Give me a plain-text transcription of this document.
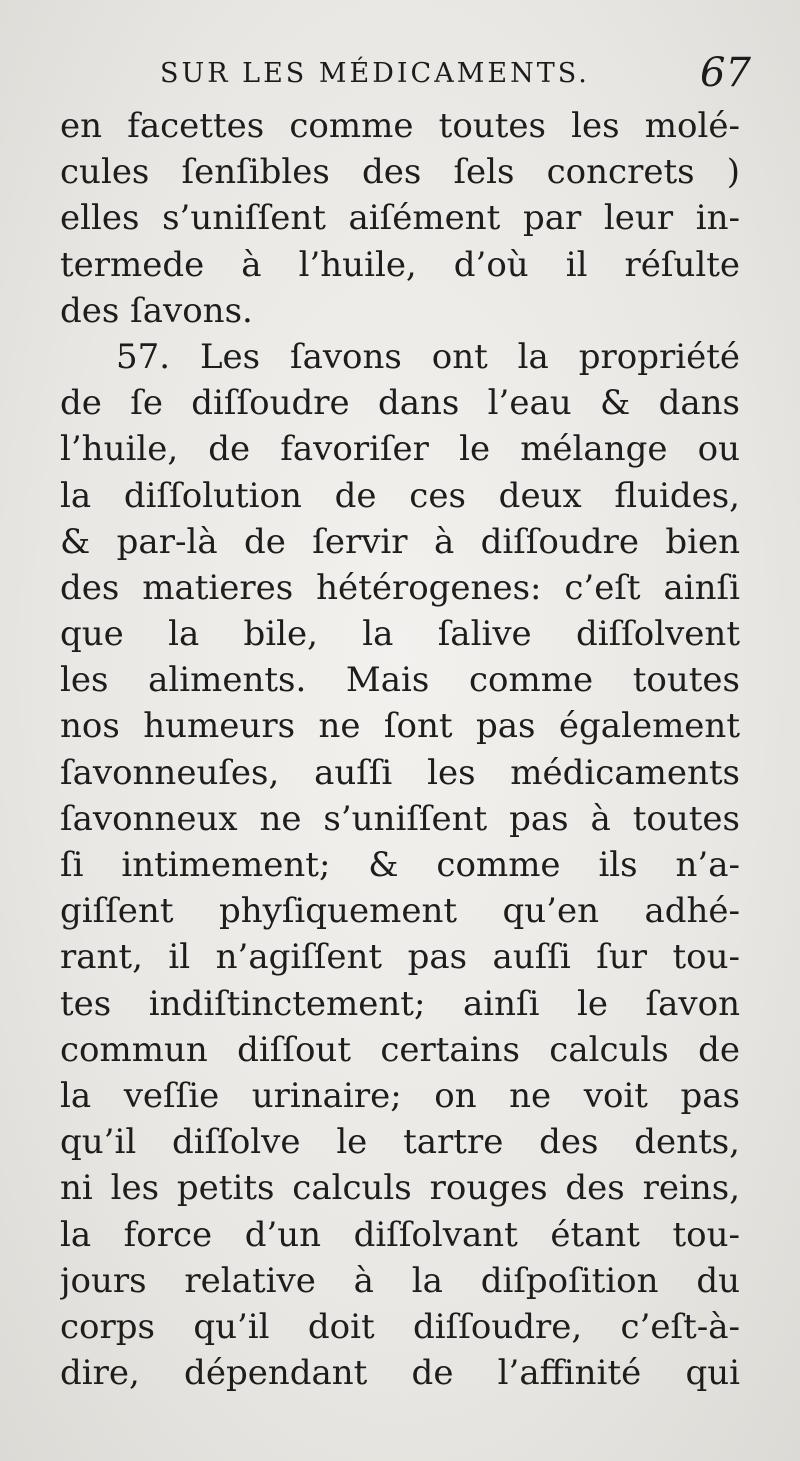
SUR LES MÉDICAMENTS.	67
en facettes comme toutes les molé-
cules ſenſibles des ſels concrets )
elles s’uniſſent aiſément par leur in-
termede à l’huile, d’où il réſulte
des ſavons.
57. Les ſavons ont la propriété
de ſe diſſoudre dans l’eau & dans
l’huile, de favoriſer le mélange ou
la diſſolution de ces deux fluides,
& par-là de ſervir à diſſoudre bien
des matieres hétérogenes: c’eſt ainſi
que la bile, la ſalive diſſolvent
les aliments. Mais comme toutes
nos humeurs ne ſont pas également
ſavonneuſes, auſſi les médicaments
ſavonneux ne s’uniſſent pas à toutes
ſi intimement; & comme ils n’a-
giſſent phyſiquement qu’en adhé-
rant, il n’agiſſent pas auſſi ſur tou-
tes indiſtinctement; ainſi le ſavon
commun diſſout certains calculs de
la veſſie urinaire; on ne voit pas
qu’il diſſolve le tartre des dents,
ni les petits calculs rouges des reins,
la force d’un diſſolvant étant tou-
jours relative à la diſpoſition du
corps qu’il doit diſſoudre, c’eſt-à-
dire, dépendant de l’affinité qui
